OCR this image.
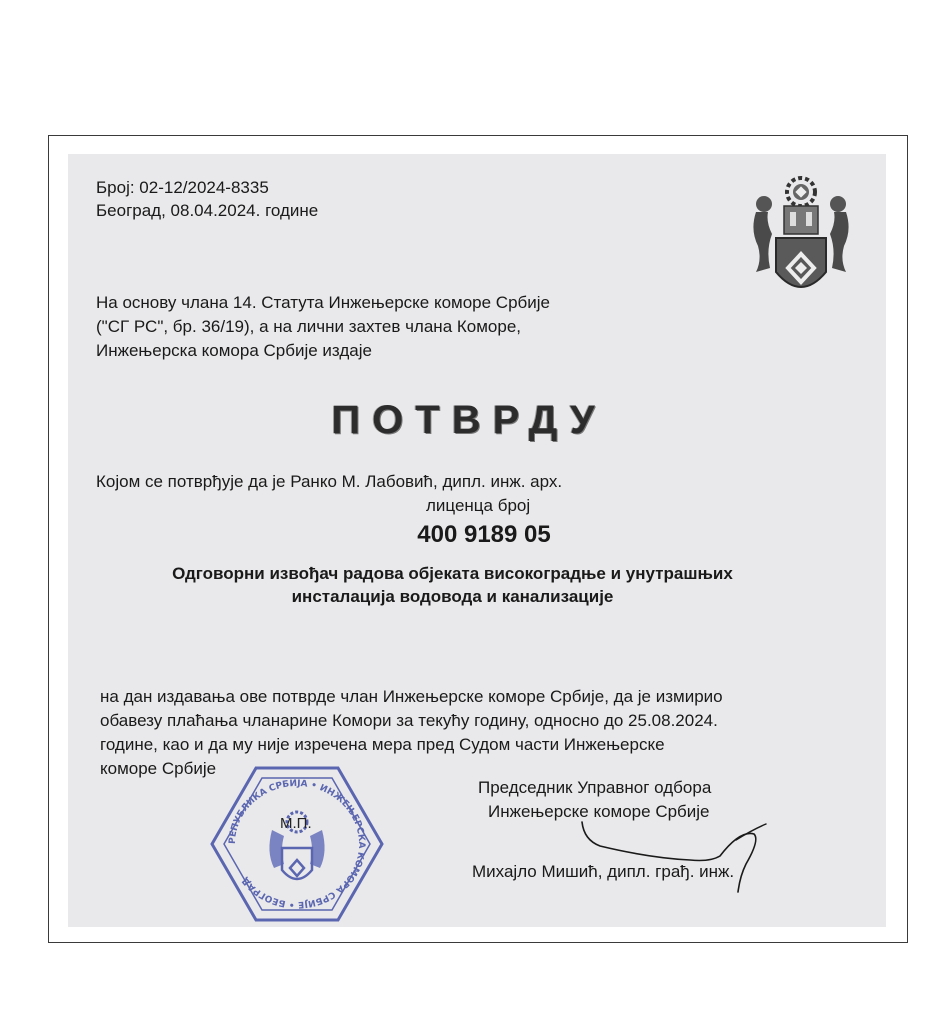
Број: 02-12/2024-8335
Београд, 08.04.2024. године
На основу члана 14. Статута Инжењерске коморе Србије
("СГ РС", бр. 36/19), а на лични захтев члана Коморе,
Инжењерска комора Србије издаје
ПОТВРДУ
Којом се потврђује да је Ранко М. Лабовић, дипл. инж. арх.
лиценца број
400 9189 05
Одговорни извођач радова објеката високоградње и унутрашњих
инсталација водовода и канализације
на дан издавања ове потврде члан Инжењерске коморе Србије, да је измирио
обавезу плаћања чланарине Комори за текућу годину, односно до 25.08.2024.
године, као и да му није изречена мера пред Судом части Инжењерске
коморе Србије
РЕПУБЛИКА СРБИЈА • ИНЖЕЊЕРСКА КОМОРА СРБИЈЕ • БЕОГРАД
М.П.
Председник Управног одбора
Инжењерске коморе Србије
Михајло Мишић, дипл. грађ. инж.
